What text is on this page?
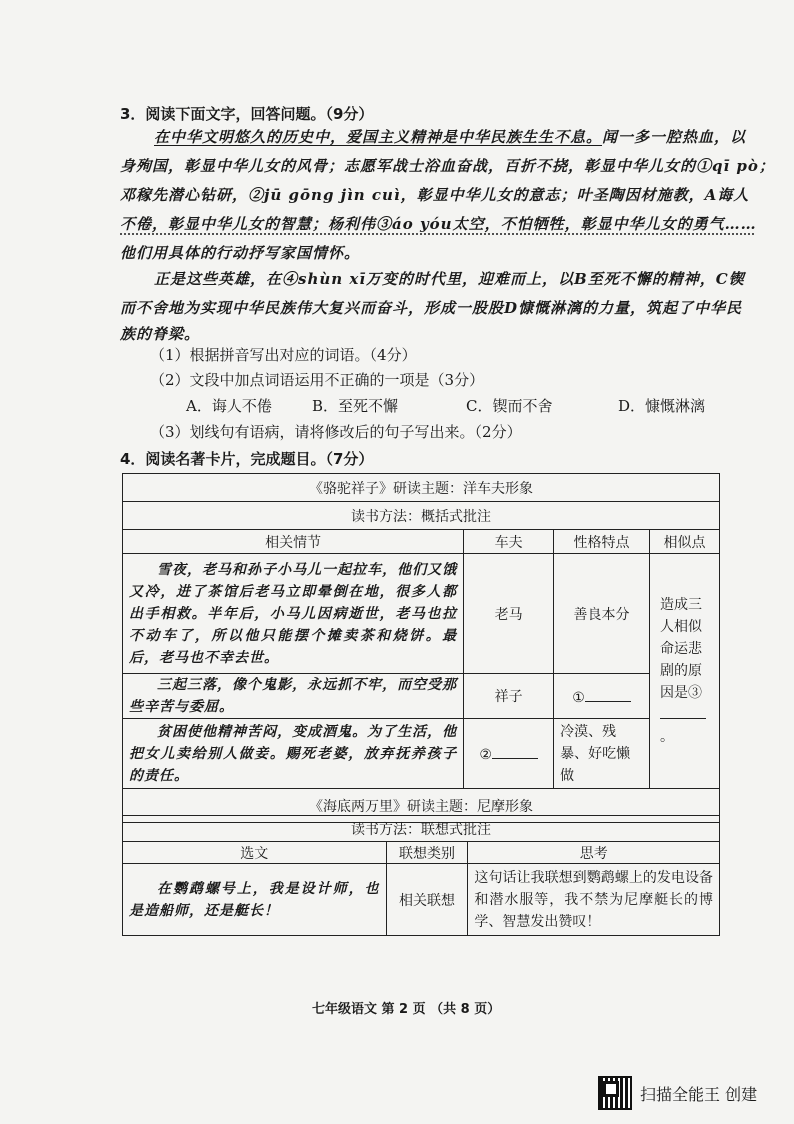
3．阅读下面文字，回答问题。（9分）
在中华文明悠久的历史中，爱国主义精神是中华民族生生不息。闻一多一腔热血，以
身殉国，彰显中华儿女的风骨；志愿军战士浴血奋战，百折不挠，彰显中华儿女的①qī pò；
邓稼先潜心钻研，②jū gōng jìn cuì，彰显中华儿女的意志；叶圣陶因材施教，A诲人
不倦，彰显中华儿女的智慧；杨利伟③áo yóu太空，不怕牺牲，彰显中华儿女的勇气……
他们用具体的行动抒写家国情怀。
正是这些英雄，在④shùn xī万变的时代里，迎难而上，以B至死不懈的精神，C锲
而不舍地为实现中华民族伟大复兴而奋斗，形成一股股D慷慨淋漓的力量，筑起了中华民
族的脊梁。
（1）根据拼音写出对应的词语。（4分）
（2）文段中加点词语运用不正确的一项是（3分）
A．诲人不倦	B．至死不懈	C．锲而不舍	D．慷慨淋漓
（3）划线句有语病，请将修改后的句子写出来。（2分）
4．阅读名著卡片，完成题目。（7分）
《骆驼祥子》研读主题：洋车夫形象			
读书方法：概括式批注			
相关情节	车夫	性格特点	相似点
雪夜，老马和孙子小马儿一起拉车，他们又饿又冷，进了茶馆后老马立即晕倒在地，很多人都出手相救。半年后，小马儿因病逝世，老马也拉不动车了，所以他只能摆个摊卖茶和烧饼。最后，老马也不幸去世。	老马	善良本分	造成三人相似命运悲剧的原因是③
。
三起三落，像个鬼影，永远抓不牢，而空受那些辛苦与委屈。	祥子	①	
贫困使他精神苦闷，变成酒鬼。为了生活，他把女儿卖给别人做妾。赐死老婆，放弃抚养孩子的责任。	②	冷漠、残暴、好吃懒做	
《海底两万里》研读主题：尼摩形象			
读书方法：联想式批注		
选文	联想类别	思考
在鹦鹉螺号上，我是设计师，也是造船师，还是艇长！	相关联想	这句话让我联想到鹦鹉螺上的发电设备和潜水服等，我不禁为尼摩艇长的博学、智慧发出赞叹！
七年级语文 第 2 页 （共 8 页）
扫描全能王 创建
